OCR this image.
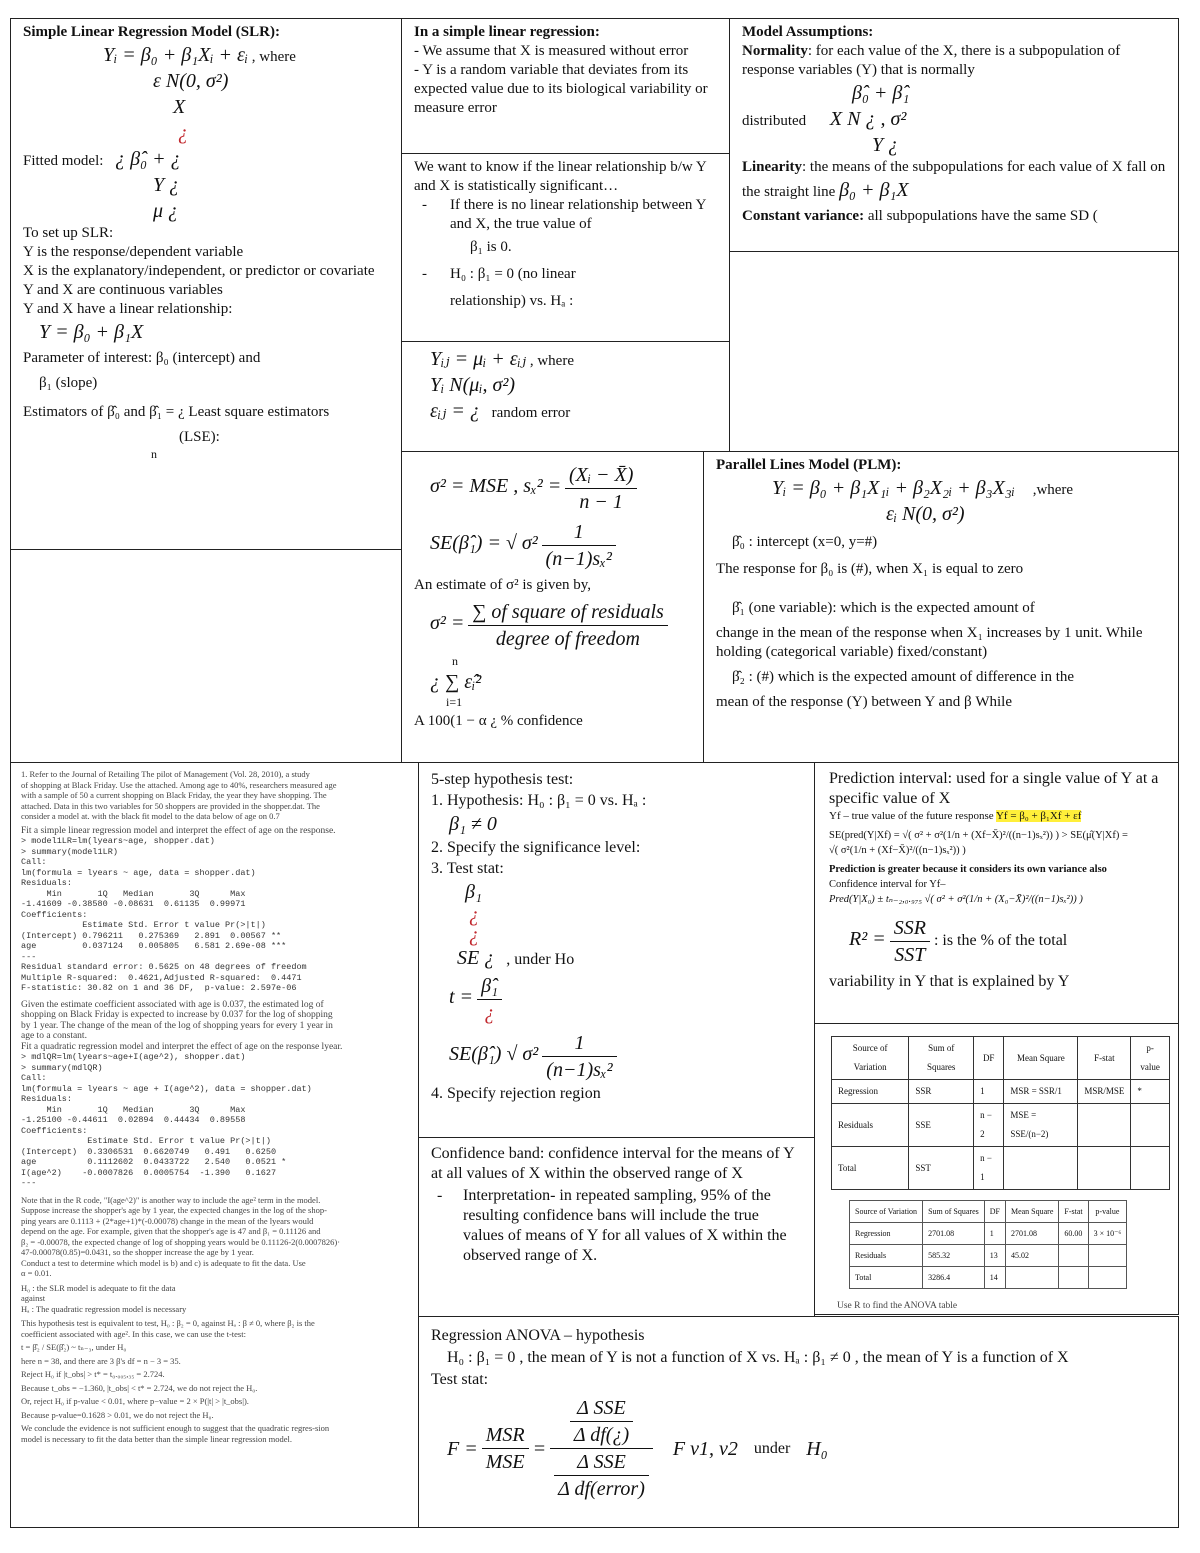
Simple Linear Regression Model (SLR):
Yᵢ = β₀ + β₁Xᵢ + εᵢ , where
ε N(0, σ²)
X
¿
Fitted model: ¿ β̂₀ + ¿
Y ¿
μ ¿
To set up SLR:
Y is the response/dependent variable
X is the explanatory/independent, or predictor or covariate
Y and X are continuous variables
Y and X have a linear relationship:
Y = β₀ + β₁X
Parameter of interest: β₀ (intercept) and
β₁ (slope)
Estimators of β̂₀ and β̂₁ = ¿ Least square estimators
(LSE):
n
In a simple linear regression:
- We assume that X is measured without error
- Y is a random variable that deviates from its expected value due to its biological variability or measure error
We want to know if the linear relationship b/w Y and X is statistically significant…
-	If there is no linear relationship between Y and X, the true value of
β₁ is 0.
-	H₀ : β₁ = 0 (no linear
relationship) vs. Hₐ :
Yᵢⱼ = μᵢ + εᵢⱼ , where
Yᵢ N(μᵢ, σ²)
εᵢⱼ = ¿ random error
Model Assumptions:
Normality: for each value of the X, there is a subpopulation of response variables (Y) that is normally
β̂₀ + β̂₁
distributed X N ¿ , σ²
Y ¿
Linearity: the means of the subpopulations for each value of X fall on the straight line β₀ + β₁X
Constant variance: all subpopulations have the same SD (
σ² = MSE , $s_x^2 = \frac{\text{(Xᵢ − X̄)}}{n - 1}$
SE(β̂₁) = √ $\sigma^2 \frac{1}{\text{(n−1)sₓ²}}$
An estimate of σ² is given by,
$\sigma^2 = \frac{\text{∑ of square of residuals}}{\text{degree of freedom}}$
n
¿ ∑ ε̂ᵢ²
i=1
A 100(1 − α ¿ % confidence
Parallel Lines Model (PLM):
Yᵢ = β₀ + β₁X₁ᵢ + β₂X₂ᵢ + β₃X₃ᵢ ,where
εᵢ N(0, σ²)
β̂₀ : intercept (x=0, y=#)
The response for β₀ is (#), when X₁ is equal to zero
β̂₁ (one variable): which is the expected amount of
change in the mean of the response when X₁ increases by 1 unit. While holding (categorical variable) fixed/constant)
β̂₂ : (#) which is the expected amount of difference in the
mean of the response (Y) between Y and β While
1. Refer to the Journal of Retailing The pilot of Management (Vol. 28, 2010), a study
of shopping at Black Friday. Use the attached. Among age to 40%, researchers measured age
with a sample of 50 a current shopping on Black Friday, the year they have shopping. The
attached. Data in this two variables for 50 shoppers are provided in the shopper.dat. The
consider a model at. with the black fit model to the data below of age on 0.7
Fit a simple linear regression model and interpret the effect of age on the response.
> model1LR=lm(lyears~age, shopper.dat)
> summary(model1LR)
Call:
lm(formula = lyears ~ age, data = shopper.dat)
Residuals:
Min       1Q   Median       3Q      Max
-1.41609 -0.38580 -0.08631  0.61135  0.99971
Coefficients:
Estimate Std. Error t value Pr(>|t|)
(Intercept) 0.796211   0.275369   2.891  0.00567 **
age         0.037124   0.005805   6.581 2.69e-08 ***
---
Residual standard error: 0.5625 on 48 degrees of freedom
Multiple R-squared:  0.4621,Adjusted R-squared:  0.4471
F-statistic: 30.82 on 1 and 36 DF,  p-value: 2.597e-06
Given the estimate coefficient associated with age is 0.037, the estimated log of
shopping on Black Friday is expected to increase by 0.037 for the log of shopping
by 1 year. The change of the mean of the log of shopping years for every 1 year in
age to a constant.
Fit a quadratic regression model and interpret the effect of age on the response lyear.
> mdlQR=lm(lyears~age+I(age^2), shopper.dat)
> summary(mdlQR)
Call:
lm(formula = lyears ~ age + I(age^2), data = shopper.dat)
Residuals:
Min       1Q   Median       3Q      Max
-1.25100 -0.44611  0.02894  0.44434  0.89558
Coefficients:
Estimate Std. Error t value Pr(>|t|)
(Intercept)  0.3306531  0.6620749   0.491   0.6250
age          0.1112602  0.0433722   2.540   0.0521 *
I(age^2)    -0.0007826  0.0005754  -1.390   0.1627
---
Note that in the R code, "I(age^2)" is another way to include the age² term in the model.
Suppose increase the shopper's age by 1 year, the expected changes in the log of the shop-
ping years are 0.1113 + (2*age+1)*(-0.00078) change in the mean of the lyears would
depend on the age. For example, given that the shopper's age is 47 and β₁ = 0.11126 and
β₂ = -0.00078, the expected change of log of shopping years would be 0.11126-2(0.0007826)·
47-0.00078(0.85)=0.0431, so the shopper increase the age by 1 year.
Conduct a test to determine which model is b) and c) is adequate to fit the data. Use
α = 0.01.
H₀ : the SLR model is adequate to fit the data
against
Hₐ : The quadratic regression model is necessary
This hypothesis test is equivalent to test, H₀ : β₂ = 0, against Hₐ : β ≠ 0, where β₂ is the
coefficient associated with age². In this case, we can use the t-test:
t = β̂₂ / SE(β̂₂) ~ tₙ₋₃, under H₀
here n = 38, and there are 3 β's df = n − 3 = 35.
Reject H₀ if |t_obs| > t* = t₀.₀₀₅,₃₅ = 2.724.
Because t_obs = −1.360, |t_obs| < t* = 2.724, we do not reject the H₀.
Or, reject H₀ if p-value < 0.01, where p−value = 2 × P(|t| > |t_obs|).
Because p-value=0.1628 > 0.01, we do not reject the H₀.
We conclude the evidence is not sufficient enough to suggest that the quadratic regres-sion
model is necessary to fit the data better than the simple linear regression model.
5-step hypothesis test:
1. Hypothesis: H₀ : β₁ = 0 vs. Hₐ :
β₁ ≠ 0
2. Specify the significance level:
3. Test stat:
β₁
¿
¿
SE ¿ , under Ho
$t = \frac{\text{β̂₁}}{¿}$
SE(β̂₁) √ $\sigma^2 \frac{1}{\text{(n−1)sₓ²}}$
4. Specify rejection region
Prediction interval: used for a single value of Y at a specific value of X
Yf – true value of the future response Yf = β₀ + β₁Xf + εf
SE(pred(Y|Xf) = √( σ² + σ²(1/n + (Xf−X̄)²/((n−1)sₓ²)) ) > SE(μ̂(Y|Xf) =
√( σ²(1/n + (Xf−X̄)²/((n−1)sₓ²)) )
Prediction is greater because it considers its own variance also
Confidence interval for Yf–
Pred(Y|X₀) ± tₙ₋₂,₀.₉₇₅ √( σ² + σ²(1/n + (X₀−X̄)²/((n−1)sₓ²)) )
$R^2 = \frac{\text{SSR}}{\text{SST}}$ : is the % of the total
variability in Y that is explained by Y
Source of Variation	Sum of Squares	DF	Mean Square	F-stat	p-value
Regression	SSR	1	MSR = SSR/1	MSR/MSE	*
Residuals	SSE	n − 2	MSE = SSE/(n−2)		
Total	SST	n − 1			
Source of Variation	Sum of Squares	DF	Mean Square	F-stat	p-value
Regression	2701.08	1	2701.08	60.00	3 × 10⁻⁶
Residuals	585.32	13	45.02		
Total	3286.4	14			
Use R to find the ANOVA table
Confidence band: confidence interval for the means of Y at all values of X within the observed range of X
-	Interpretation- in repeated sampling, 95% of the resulting confidence bans will include the true values of means of Y for all values of X within the observed range of X.
Regression ANOVA – hypothesis
H₀ : β₁ = 0 , the mean of Y is not a function of X vs. Hₐ : β₁ ≠ 0 , the mean of Y is a function of X
Test stat:
$F = \frac{\text{MSR}}{\text{MSE}} = \frac{\frac{\text{Δ SSE}}{\text{Δ df(¿)}}}{\frac{\text{Δ SSE}}{\text{Δ df(error)}}}$ F v1, v2 under H₀
